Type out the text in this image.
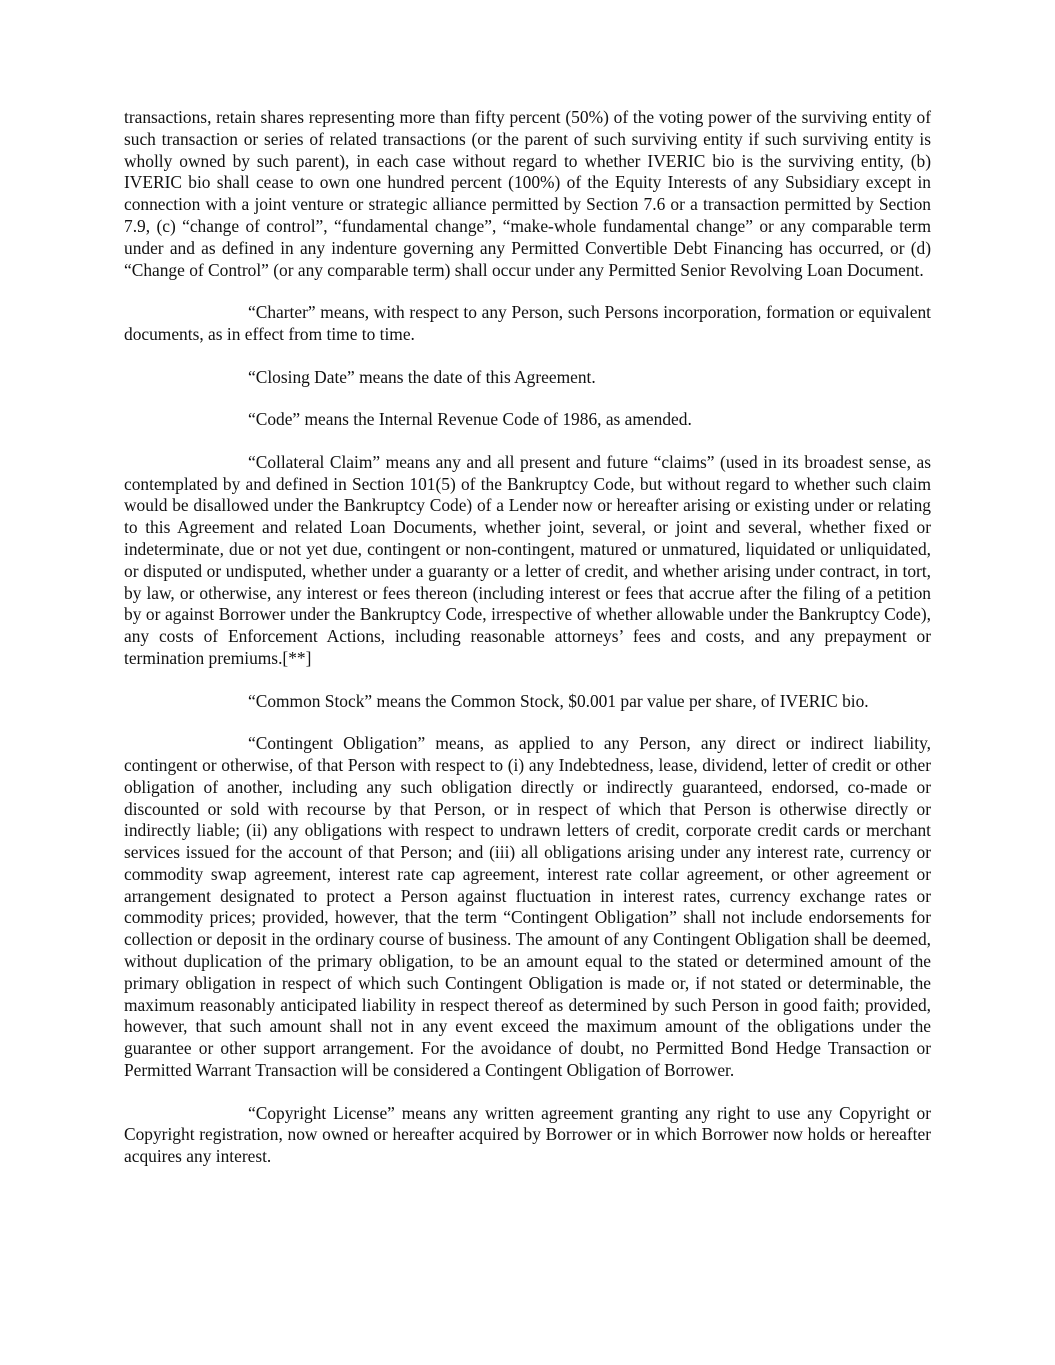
transactions, retain shares representing more than fifty percent (50%) of the voting power of the surviving entity of such transaction or series of related transactions (or the parent of such surviving entity if such surviving entity is wholly owned by such parent), in each case without regard to whether IVERIC bio is the surviving entity, (b) IVERIC bio shall cease to own one hundred percent (100%) of the Equity Interests of any Subsidiary except in connection with a joint venture or strategic alliance permitted by Section 7.6 or a transaction permitted by Section 7.9, (c) “change of control”, “fundamental change”, “make-whole fundamental change” or any comparable term under and as defined in any indenture governing any Permitted Convertible Debt Financing has occurred, or (d) “Change of Control” (or any comparable term) shall occur under any Permitted Senior Revolving Loan Document.

“Charter” means, with respect to any Person, such Persons incorporation, formation or equivalent documents, as in effect from time to time.

“Closing Date” means the date of this Agreement.

“Code” means the Internal Revenue Code of 1986, as amended.

“Collateral Claim” means any and all present and future “claims” (used in its broadest sense, as contemplated by and defined in Section 101(5) of the Bankruptcy Code, but without regard to whether such claim would be disallowed under the Bankruptcy Code) of a Lender now or hereafter arising or existing under or relating to this Agreement and related Loan Documents, whether joint, several, or joint and several, whether fixed or indeterminate, due or not yet due, contingent or non-contingent, matured or unmatured, liquidated or unliquidated, or disputed or undisputed, whether under a guaranty or a letter of credit, and whether arising under contract, in tort, by law, or otherwise, any interest or fees thereon (including interest or fees that accrue after the filing of a petition by or against Borrower under the Bankruptcy Code, irrespective of whether allowable under the Bankruptcy Code), any costs of Enforcement Actions, including reasonable attorneys’ fees and costs, and any prepayment or termination premiums.[**]

“Common Stock” means the Common Stock, $0.001 par value per share, of IVERIC bio.

“Contingent Obligation” means, as applied to any Person, any direct or indirect liability, contingent or otherwise, of that Person with respect to (i) any Indebtedness, lease, dividend, letter of credit or other obligation of another, including any such obligation directly or indirectly guaranteed, endorsed, co-made or discounted or sold with recourse by that Person, or in respect of which that Person is otherwise directly or indirectly liable; (ii) any obligations with respect to undrawn letters of credit, corporate credit cards or merchant services issued for the account of that Person; and (iii) all obligations arising under any interest rate, currency or commodity swap agreement, interest rate cap agreement, interest rate collar agreement, or other agreement or arrangement designated to protect a Person against fluctuation in interest rates, currency exchange rates or commodity prices; provided, however, that the term “Contingent Obligation” shall not include endorsements for collection or deposit in the ordinary course of business. The amount of any Contingent Obligation shall be deemed, without duplication of the primary obligation, to be an amount equal to the stated or determined amount of the primary obligation in respect of which such Contingent Obligation is made or, if not stated or determinable, the maximum reasonably anticipated liability in respect thereof as determined by such Person in good faith; provided, however, that such amount shall not in any event exceed the maximum amount of the obligations under the guarantee or other support arrangement. For the avoidance of doubt, no Permitted Bond Hedge Transaction or Permitted Warrant Transaction will be considered a Contingent Obligation of Borrower.

“Copyright License” means any written agreement granting any right to use any Copyright or Copyright registration, now owned or hereafter acquired by Borrower or in which Borrower now holds or hereafter acquires any interest.
